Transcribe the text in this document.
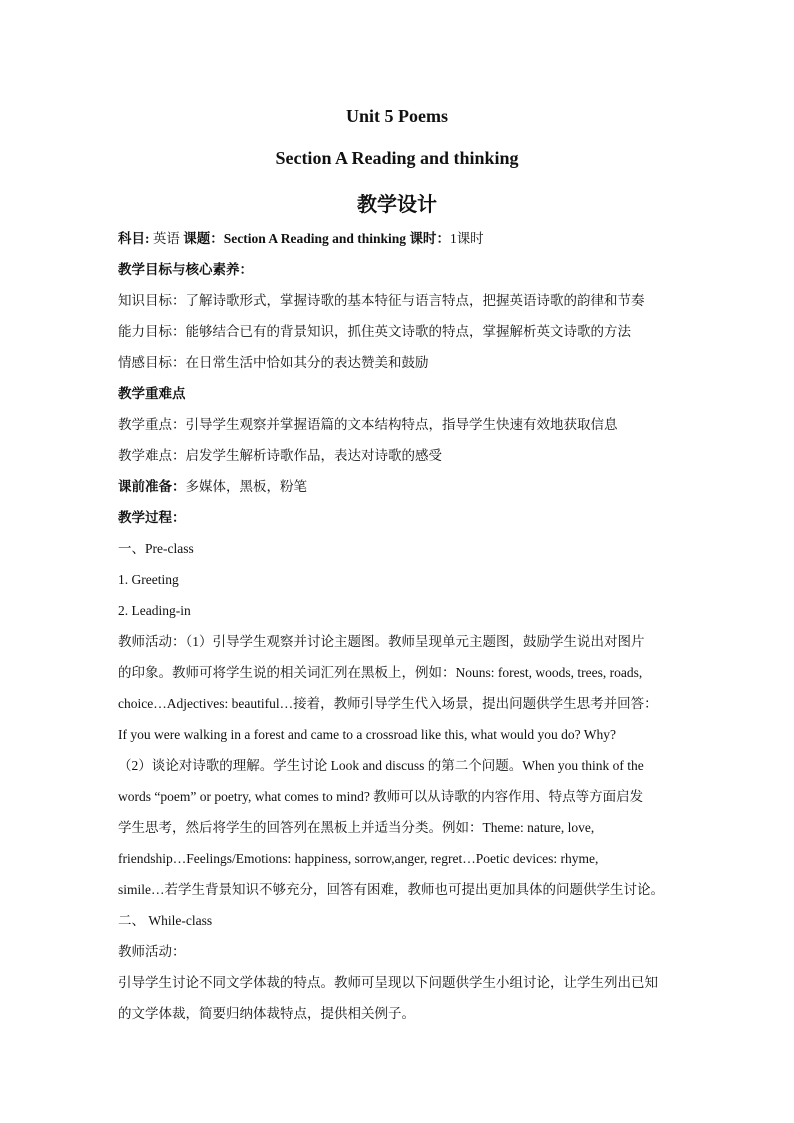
Unit 5 Poems
Section A Reading and thinking
教学设计
科目: 英语 课题：Section A Reading and thinking 课时：1课时
教学目标与核心素养：
知识目标：了解诗歌形式，掌握诗歌的基本特征与语言特点，把握英语诗歌的韵律和节奏
能力目标：能够结合已有的背景知识，抓住英文诗歌的特点，掌握解析英文诗歌的方法
情感目标：在日常生活中恰如其分的表达赞美和鼓励
教学重难点
教学重点：引导学生观察并掌握语篇的文本结构特点，指导学生快速有效地获取信息
教学难点：启发学生解析诗歌作品，表达对诗歌的感受
课前准备：多媒体，黑板，粉笔
教学过程：
一、Pre-class
1. Greeting
2. Leading-in
教师活动：（1）引导学生观察并讨论主题图。教师呈现单元主题图，鼓励学生说出对图片
的印象。教师可将学生说的相关词汇列在黑板上，例如：Nouns: forest, woods, trees, roads,
choice…Adjectives: beautiful…接着，教师引导学生代入场景，提出问题供学生思考并回答：
If you were walking in a forest and came to a crossroad like this, what would you do? Why?
（2）谈论对诗歌的理解。学生讨论 Look and discuss 的第二个问题。When you think of the
words “poem” or poetry, what comes to mind? 教师可以从诗歌的内容作用、特点等方面启发
学生思考，然后将学生的回答列在黑板上并适当分类。例如：Theme: nature, love,
friendship…Feelings/Emotions: happiness, sorrow,anger, regret…Poetic devices: rhyme,
simile…若学生背景知识不够充分，回答有困难，教师也可提出更加具体的问题供学生讨论。
二、 While-class
教师活动：
引导学生讨论不同文学体裁的特点。教师可呈现以下问题供学生小组讨论，让学生列出已知
的文学体裁，简要归纳体裁特点，提供相关例子。
